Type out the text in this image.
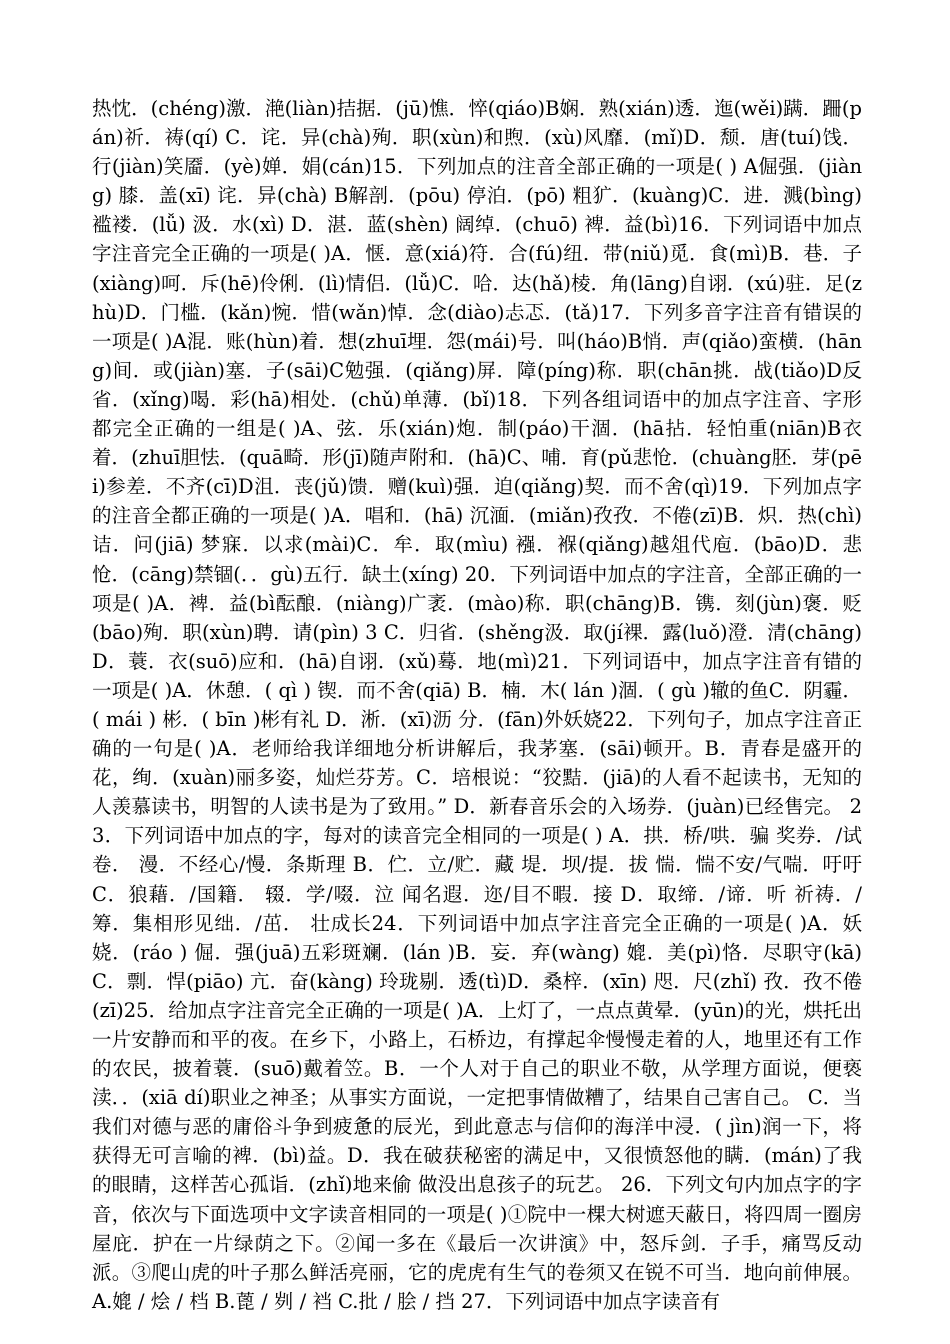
热忱．(chéng)激．滟(liàn)拮据．(jū)憔．悴(qiáo)B娴．熟(xián)透．迤(wěi)蹒．跚(pán)祈．祷(qí) C．诧．异(chà)殉．职(xùn)和煦．(xù)风靡．(mǐ)D．颓．唐(tuí)饯．行(jiàn)笑靥．(yè)婵．娟(cán)15．下列加点的注音全部正确的一项是( ) A倔强．(jiàng) 膝．盖(xī) 诧．异(chà) B解剖．(pōu) 停泊．(pō) 粗犷．(kuàng)C．进．溅(bìng) 褴褛．(lǚ) 汲．水(xì) D．湛．蓝(shèn) 阔绰．(chuō) 裨．益(bì)16．下列词语中加点字注音完全正确的一项是( )A．惬．意(xiá)符．合(fú)纽．带(niǔ)觅．食(mì)B．巷．子(xiàng)呵．斥(hē)伶俐．(lì)情侣．(lǚ)C．哈．达(hǎ)棱．角(lāng)自诩．(xú)驻．足(zhù)D．门槛．(kǎn)惋．惜(wǎn)悼．念(diào)忐忑．(tǎ)17．下列多音字注音有错误的一项是( )A混．账(hùn)着．想(zhuī埋．怨(mái)号．叫(háo)B悄．声(qiǎo)蛮横．(hāng)间．或(jiàn)塞．子(sāi)C勉强．(qiǎng)屏．障(píng)称．职(chān挑．战(tiǎo)D反省．(xǐng)喝．彩(hā)相处．(chǔ)单薄．(bǐ)18．下列各组词语中的加点字注音、字形都完全正确的一组是( )A、弦．乐(xián)炮．制(páo)干涸．(hā拈．轻怕重(niān)B衣着．(zhuī胆怯．(quā畸．形(jī)随声附和．(hā)C、哺．育(pǔ悲怆．(chuàng胚．芽(pēi)参差．不齐(cī)D沮．丧(jǔ)馈．赠(kuì)强．迫(qiǎng)契．而不舍(qì)19．下列加点字的注音全都正确的一项是( )A．唱和．(hā) 沉湎．(miǎn)孜孜．不倦(zī)B．炽．热(chì) 诘．问(jiā) 梦寐．以求(mài)C．牟．取(mìu) 襁．褓(qiǎng)越俎代庖．(bāo)D．悲怆．(cāng)禁锢(．．gù)五行．缺土(xíng) 20．下列词语中加点的字注音，全部正确的一项是( )A．裨．益(bì酝酿．(niàng)广袤．(mào)称．职(chāng)B．镌．刻(jùn)褒．贬(bāo)殉．职(xùn)聘．请(pìn) 3 C．归省．(shěng汲．取(jí裸．露(luǒ)澄．清(chāng)D．蓑．衣(suō)应和．(hā)自诩．(xǔ)蓦．地(mì)21．下列词语中，加点字注音有错的一项是( )A．休憩．( qì ) 锲．而不舍(qiā) B．楠．木( lán )涸．( gù )辙的鱼C．阴霾．( mái ) 彬．( bīn )彬有礼 D．淅．(xī)沥 分．(fān)外妖娆22．下列句子，加点字注音正确的一句是( )A．老师给我详细地分析讲解后，我茅塞．(sāi)顿开。B．青春是盛开的花，绚．(xuàn)丽多姿，灿烂芬芳。C．培根说：“狡黠．(jiā)的人看不起读书，无知的人羡慕读书，明智的人读书是为了致用。” D．新春音乐会的入场券．(juàn)已经售完。 23．下列词语中加点的字，每对的读音完全相同的一项是( ) A．拱．桥/哄．骗 奖券．/试卷． 漫．不经心/慢．条斯理 B．伫．立/贮．藏 堤．坝/提．拔 惴．惴不安/气喘．吁吁 C．狼藉．/国籍． 辍．学/啜．泣 闻名遐．迩/目不暇．接 D．取缔．/谛．听 祈祷．/筹．集相形见绌．/茁． 壮成长24．下列词语中加点字注音完全正确的一项是( )A．妖娆．(ráo ) 倔．强(juā)五彩斑斓．(lán )B．妄．弃(wàng) 媲．美(pì)恪．尽职守(kā)C．剽．悍(piāo) 亢．奋(kàng) 玲珑剔．透(tì)D．桑梓．(xīn) 咫．尺(zhǐ) 孜．孜不倦(zī)25．给加点字注音完全正确的一项是( )A．上灯了，一点点黄晕．(yūn)的光，烘托出一片安静而和平的夜。在乡下，小路上，石桥边，有撑起伞慢慢走着的人，地里还有工作的农民，披着蓑．(suō)戴着笠。B．一个人对于自己的职业不敬，从学理方面说，便亵渎．．(xiā dí)职业之神圣；从事实方面说，一定把事情做糟了，结果自己害自己。 C．当我们对德与恶的庸俗斗争到疲惫的辰光，到此意志与信仰的海洋中浸．( jìn)润一下，将 获得无可言喻的裨．(bì)益。D．我在破获秘密的满足中，又很愤怒他的瞒．(mán)了我的眼睛，这样苦心孤诣．(zhǐ)地来偷 做没出息孩子的玩艺。 26．下列文句内加点字的字音，依次与下面选项中文字读音相同的一项是( )①院中一棵大树遮天蔽日，将四周一圈房屋庇．护在一片绿荫之下。②闻一多在《最后一次讲演》中，怒斥剑．子手，痛骂反动派。③爬山虎的叶子那么鲜活亮丽，它的虎虎有生气的卷须又在锐不可当．地向前伸展。 A.媲 / 烩 / 档 B.蓖 / 刿 / 裆 C.批 / 脍 / 挡 27．下列词语中加点字读音有
